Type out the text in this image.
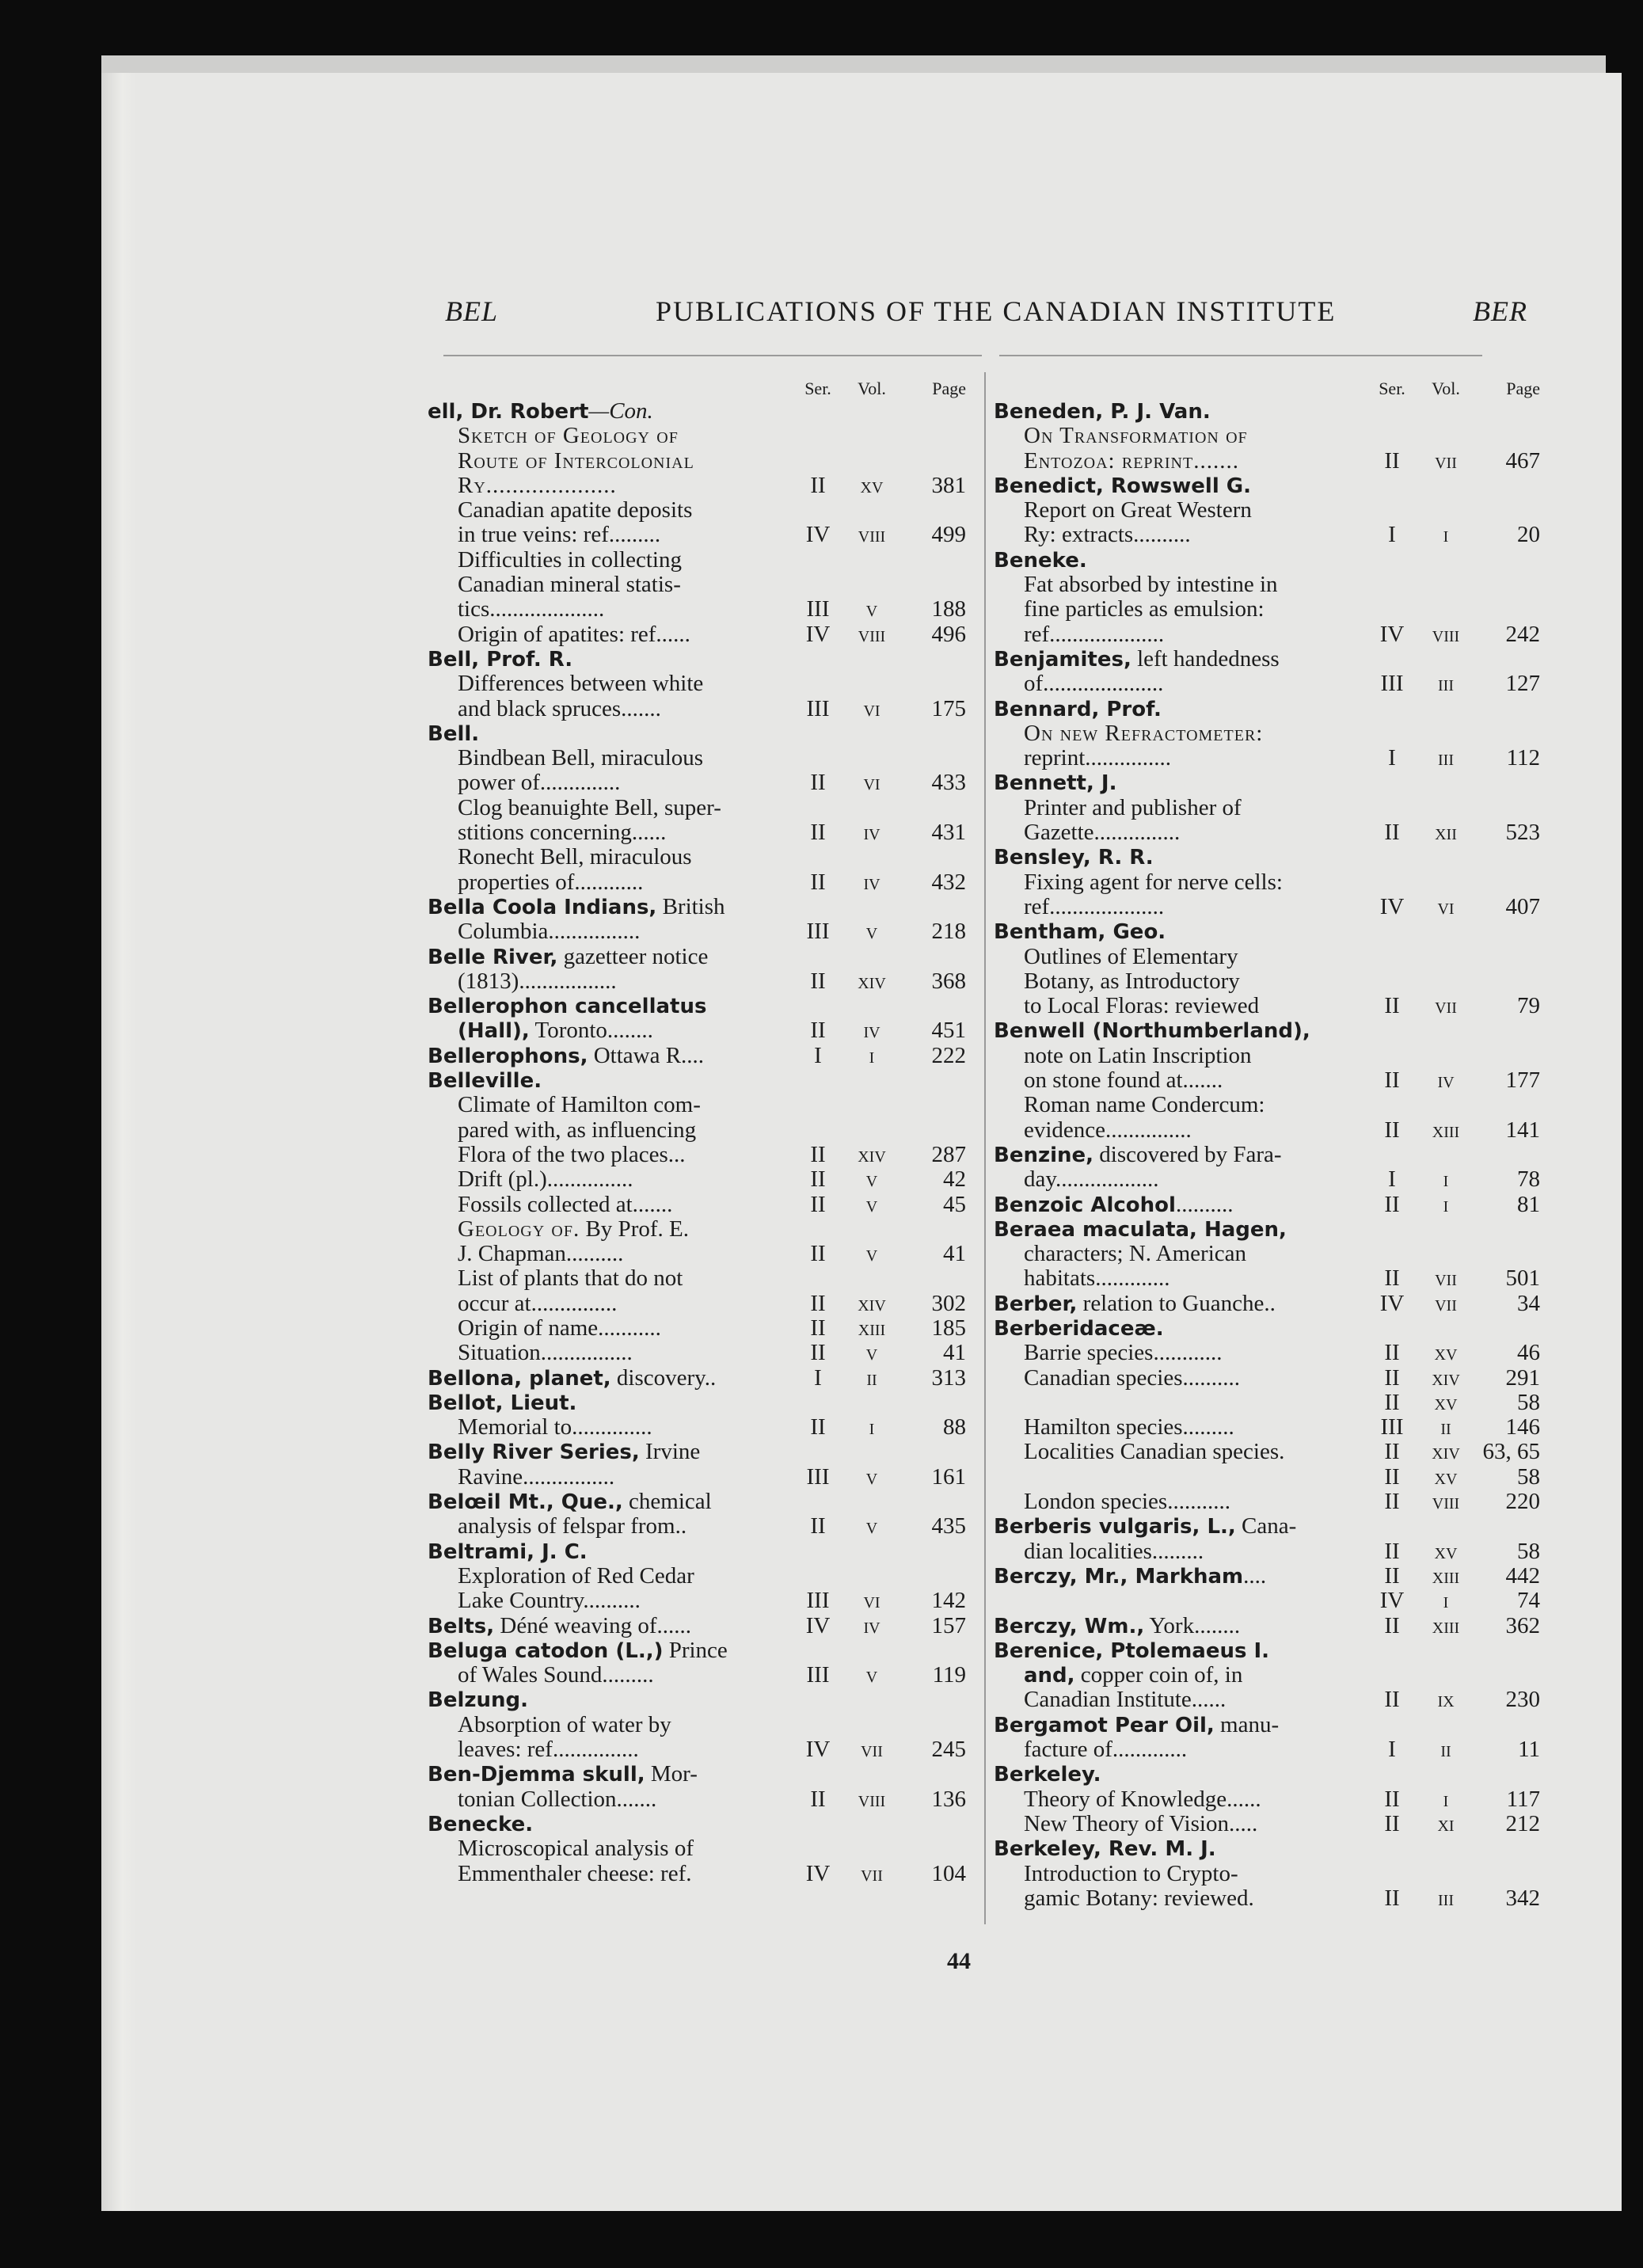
BEL	PUBLICATIONS OF THE CANADIAN INSTITUTE	BER
Ser.	Vol.	Page
ell, Dr. Robert—Con.
Sketch of Geology of
Route of Intercolonial
Ry....................	II	xv	381
Canadian apatite deposits
in true veins: ref.........	IV	viii	499
Difficulties in collecting
Canadian mineral statis-
tics....................	III	v	188
Origin of apatites: ref......	IV	viii	496
Bell, Prof. R.
Differences between white
and black spruces.......	III	vi	175
Bell.
Bindbean Bell, miraculous
power of..............	II	vi	433
Clog beanuighte Bell, super-
stitions concerning......	II	iv	431
Ronecht Bell, miraculous
properties of............	II	iv	432
Bella Coola Indians, British
Columbia................	III	v	218
Belle River, gazetteer notice
(1813).................	II	xiv	368
Bellerophon cancellatus
(Hall), Toronto........	II	iv	451
Bellerophons, Ottawa R....	I	i	222
Belleville.
Climate of Hamilton com-
pared with, as influencing
Flora of the two places...	II	xiv	287
Drift (pl.)...............	II	v	42
Fossils collected at.......	II	v	45
Geology of. By Prof. E.
J. Chapman..........	II	v	41
List of plants that do not
occur at...............	II	xiv	302
Origin of name...........	II	xiii	185
Situation................	II	v	41
Bellona, planet, discovery..	I	ii	313
Bellot, Lieut.
Memorial to..............	II	i	88
Belly River Series, Irvine
Ravine................	III	v	161
Belœil Mt., Que., chemical
analysis of felspar from..	II	v	435
Beltrami, J. C.
Exploration of Red Cedar
Lake Country..........	III	vi	142
Belts, Déné weaving of......	IV	iv	157
Beluga catodon (L.,) Prince
of Wales Sound.........	III	v	119
Belzung.
Absorption of water by
leaves: ref...............	IV	vii	245
Ben-Djemma skull, Mor-
tonian Collection.......	II	viii	136
Benecke.
Microscopical analysis of
Emmenthaler cheese: ref.	IV	vii	104
Ser.	Vol.	Page
Beneden, P. J. Van.
On Transformation of
Entozoa: reprint.......	II	vii	467
Benedict, Rowswell G.
Report on Great Western
Ry: extracts..........	I	i	20
Beneke.
Fat absorbed by intestine in
fine particles as emulsion:
ref....................	IV	viii	242
Benjamites, left handedness
of.....................	III	iii	127
Bennard, Prof.
On new Refractometer:
reprint...............	I	iii	112
Bennett, J.
Printer and publisher of
Gazette...............	II	xii	523
Bensley, R. R.
Fixing agent for nerve cells:
ref....................	IV	vi	407
Bentham, Geo.
Outlines of Elementary
Botany, as Introductory
to Local Floras: reviewed	II	vii	79
Benwell (Northumberland),
note on Latin Inscription
on stone found at.......	II	iv	177
Roman name Condercum:
evidence...............	II	xiii	141
Benzine, discovered by Fara-
day..................	I	i	78
Benzoic Alcohol..........	II	i	81
Beraea maculata, Hagen,
characters; N. American
habitats.............	II	vii	501
Berber, relation to Guanche..	IV	vii	34
Berberidaceæ.
Barrie species............	II	xv	46
Canadian species..........	II	xiv	291
II	xv	58
Hamilton species.........	III	ii	146
Localities Canadian species.	II	xiv 63, 65
II	xv	58
London species...........	II	viii	220
Berberis vulgaris, L., Cana-
dian localities.........	II	xv	58
Berczy, Mr., Markham....	II	xiii	442
IV	i	74
Berczy, Wm., York........	II	xiii	362
Berenice, Ptolemaeus I.
and, copper coin of, in
Canadian Institute......	II	ix	230
Bergamot Pear Oil, manu-
facture of.............	I	ii	11
Berkeley.
Theory of Knowledge......	II	i	117
New Theory of Vision.....	II	xi	212
Berkeley, Rev. M. J.
Introduction to Crypto-
gamic Botany: reviewed.	II	iii	342
44
